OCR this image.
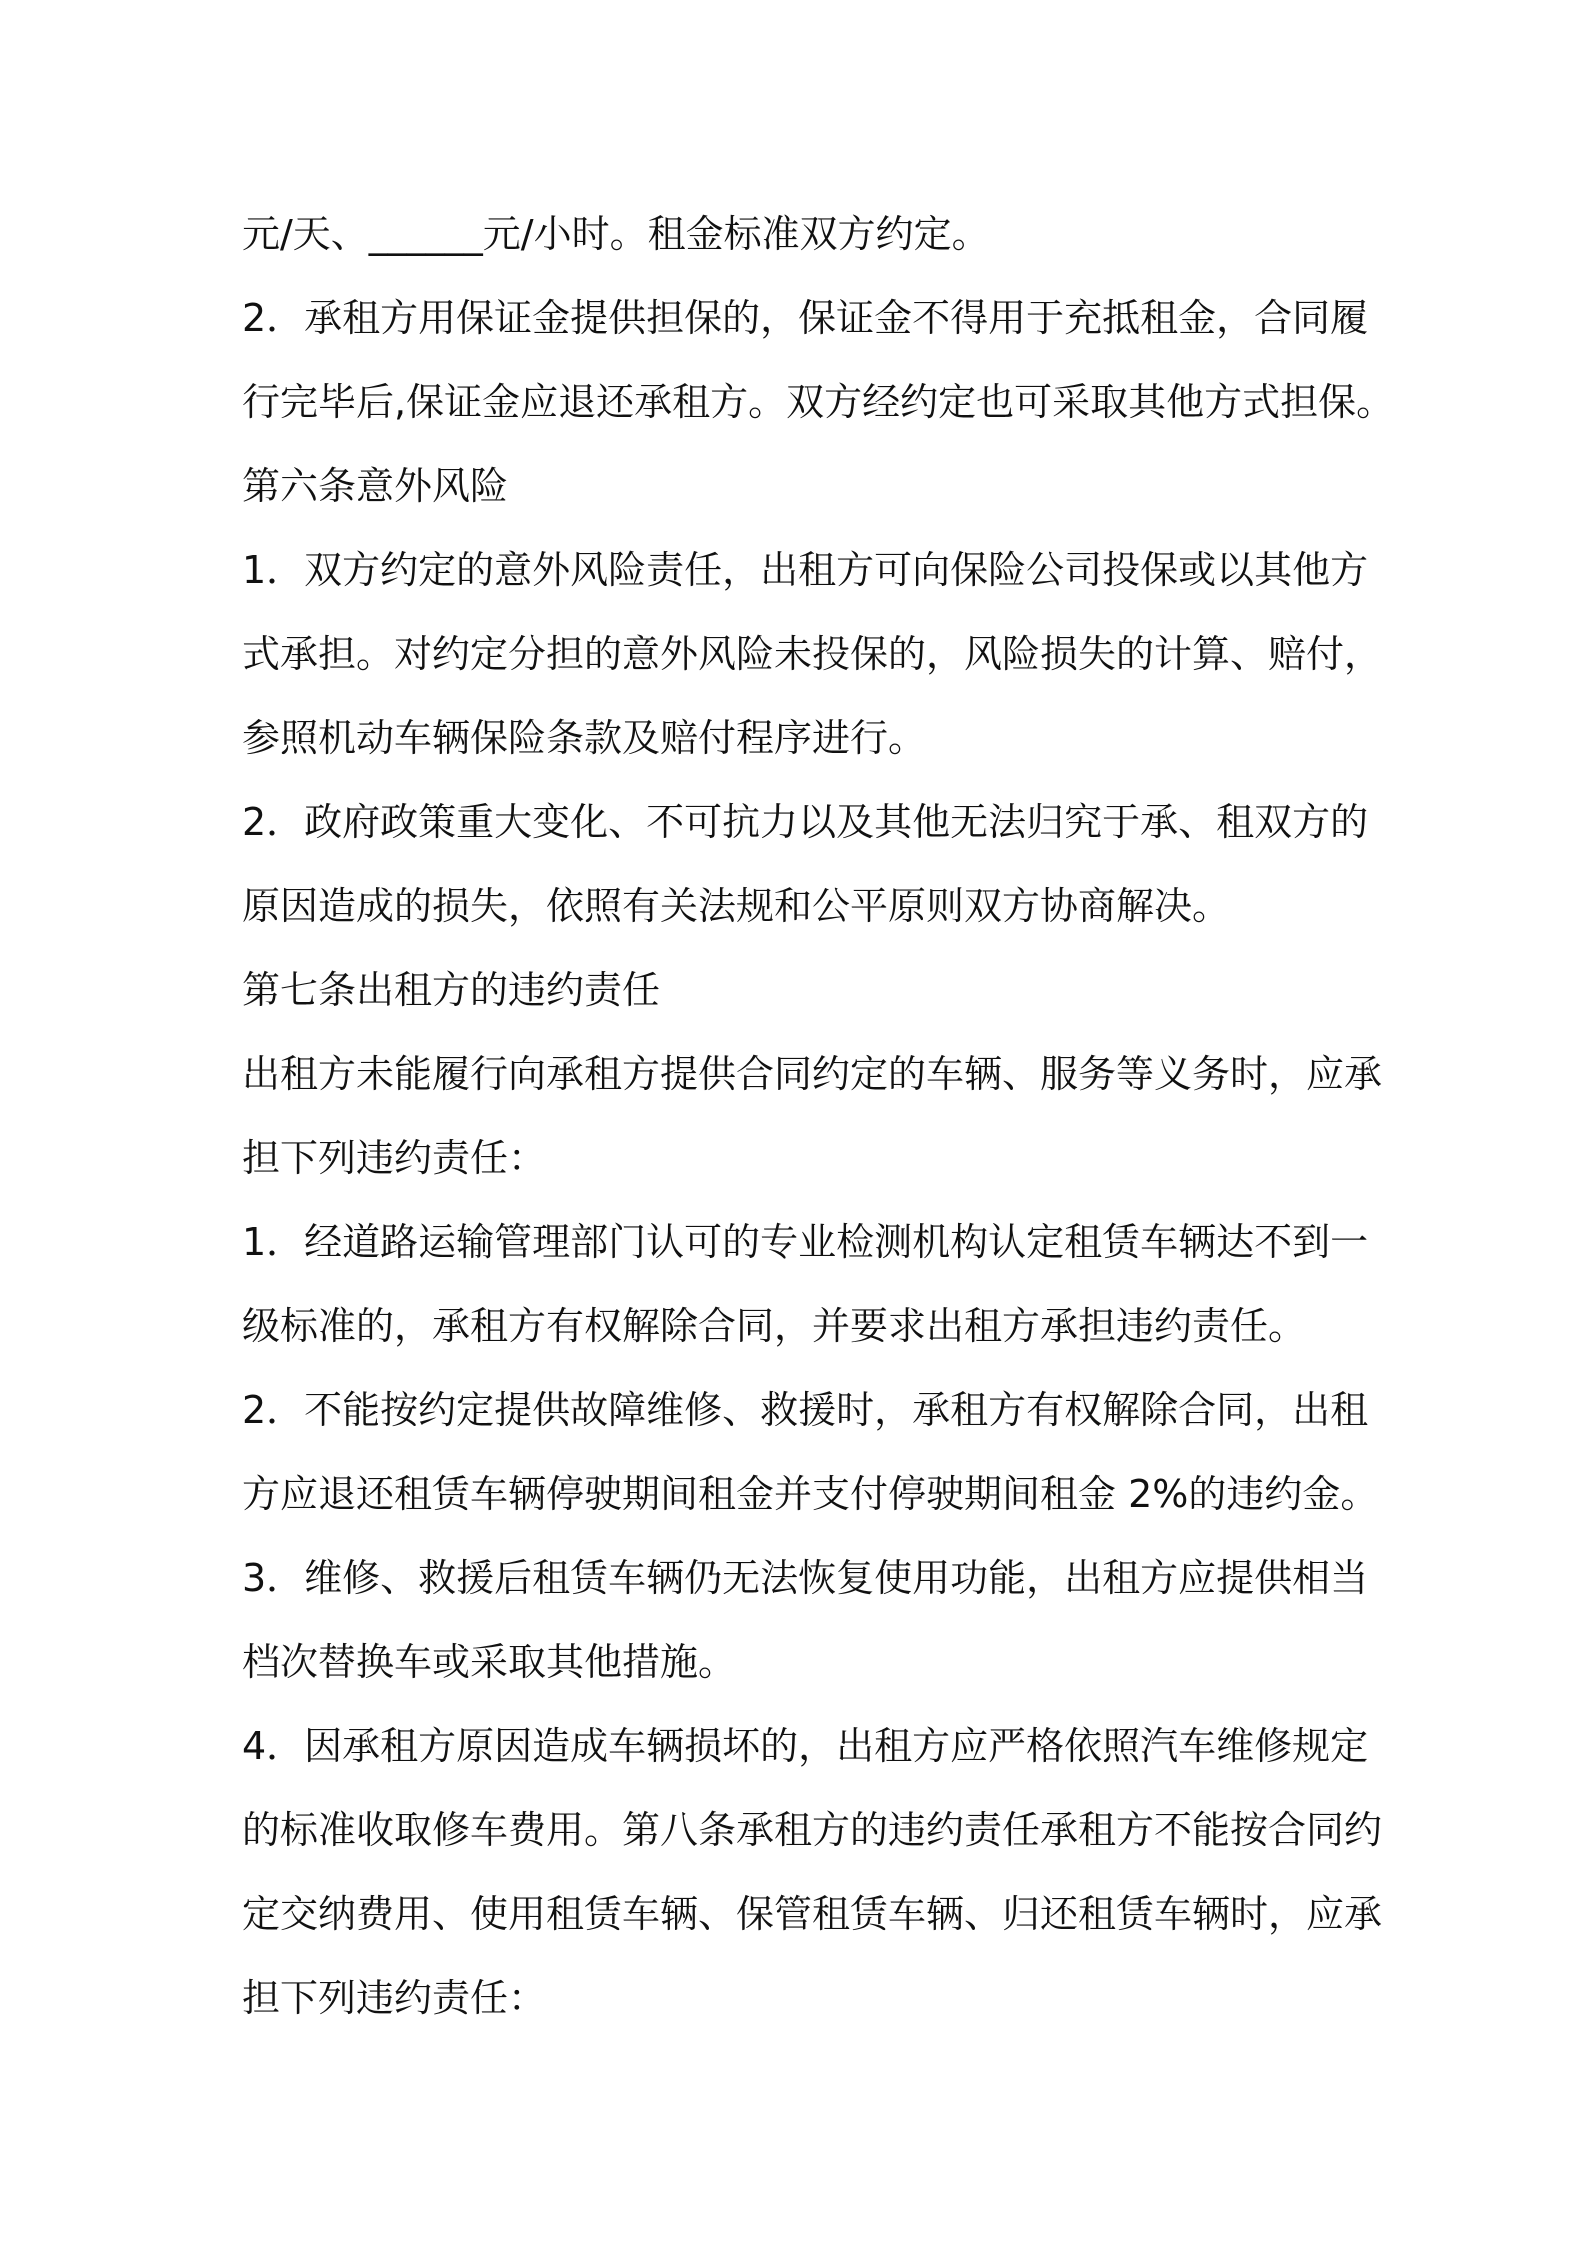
元/天、______元/小时。租金标准双方约定。
2．承租方用保证金提供担保的，保证金不得用于充抵租金，合同履
行完毕后,保证金应退还承租方。双方经约定也可采取其他方式担保。
第六条意外风险
1．双方约定的意外风险责任，出租方可向保险公司投保或以其他方
式承担。对约定分担的意外风险未投保的，风险损失的计算、赔付，
参照机动车辆保险条款及赔付程序进行。
2．政府政策重大变化、不可抗力以及其他无法归究于承、租双方的
原因造成的损失，依照有关法规和公平原则双方协商解决。
第七条出租方的违约责任
出租方未能履行向承租方提供合同约定的车辆、服务等义务时，应承
担下列违约责任：
1．经道路运输管理部门认可的专业检测机构认定租赁车辆达不到一
级标准的，承租方有权解除合同，并要求出租方承担违约责任。
2．不能按约定提供故障维修、救援时，承租方有权解除合同，出租
方应退还租赁车辆停驶期间租金并支付停驶期间租金 2%的违约金。
3．维修、救援后租赁车辆仍无法恢复使用功能，出租方应提供相当
档次替换车或采取其他措施。
4．因承租方原因造成车辆损坏的，出租方应严格依照汽车维修规定
的标准收取修车费用。第八条承租方的违约责任承租方不能按合同约
定交纳费用、使用租赁车辆、保管租赁车辆、归还租赁车辆时，应承
担下列违约责任：
